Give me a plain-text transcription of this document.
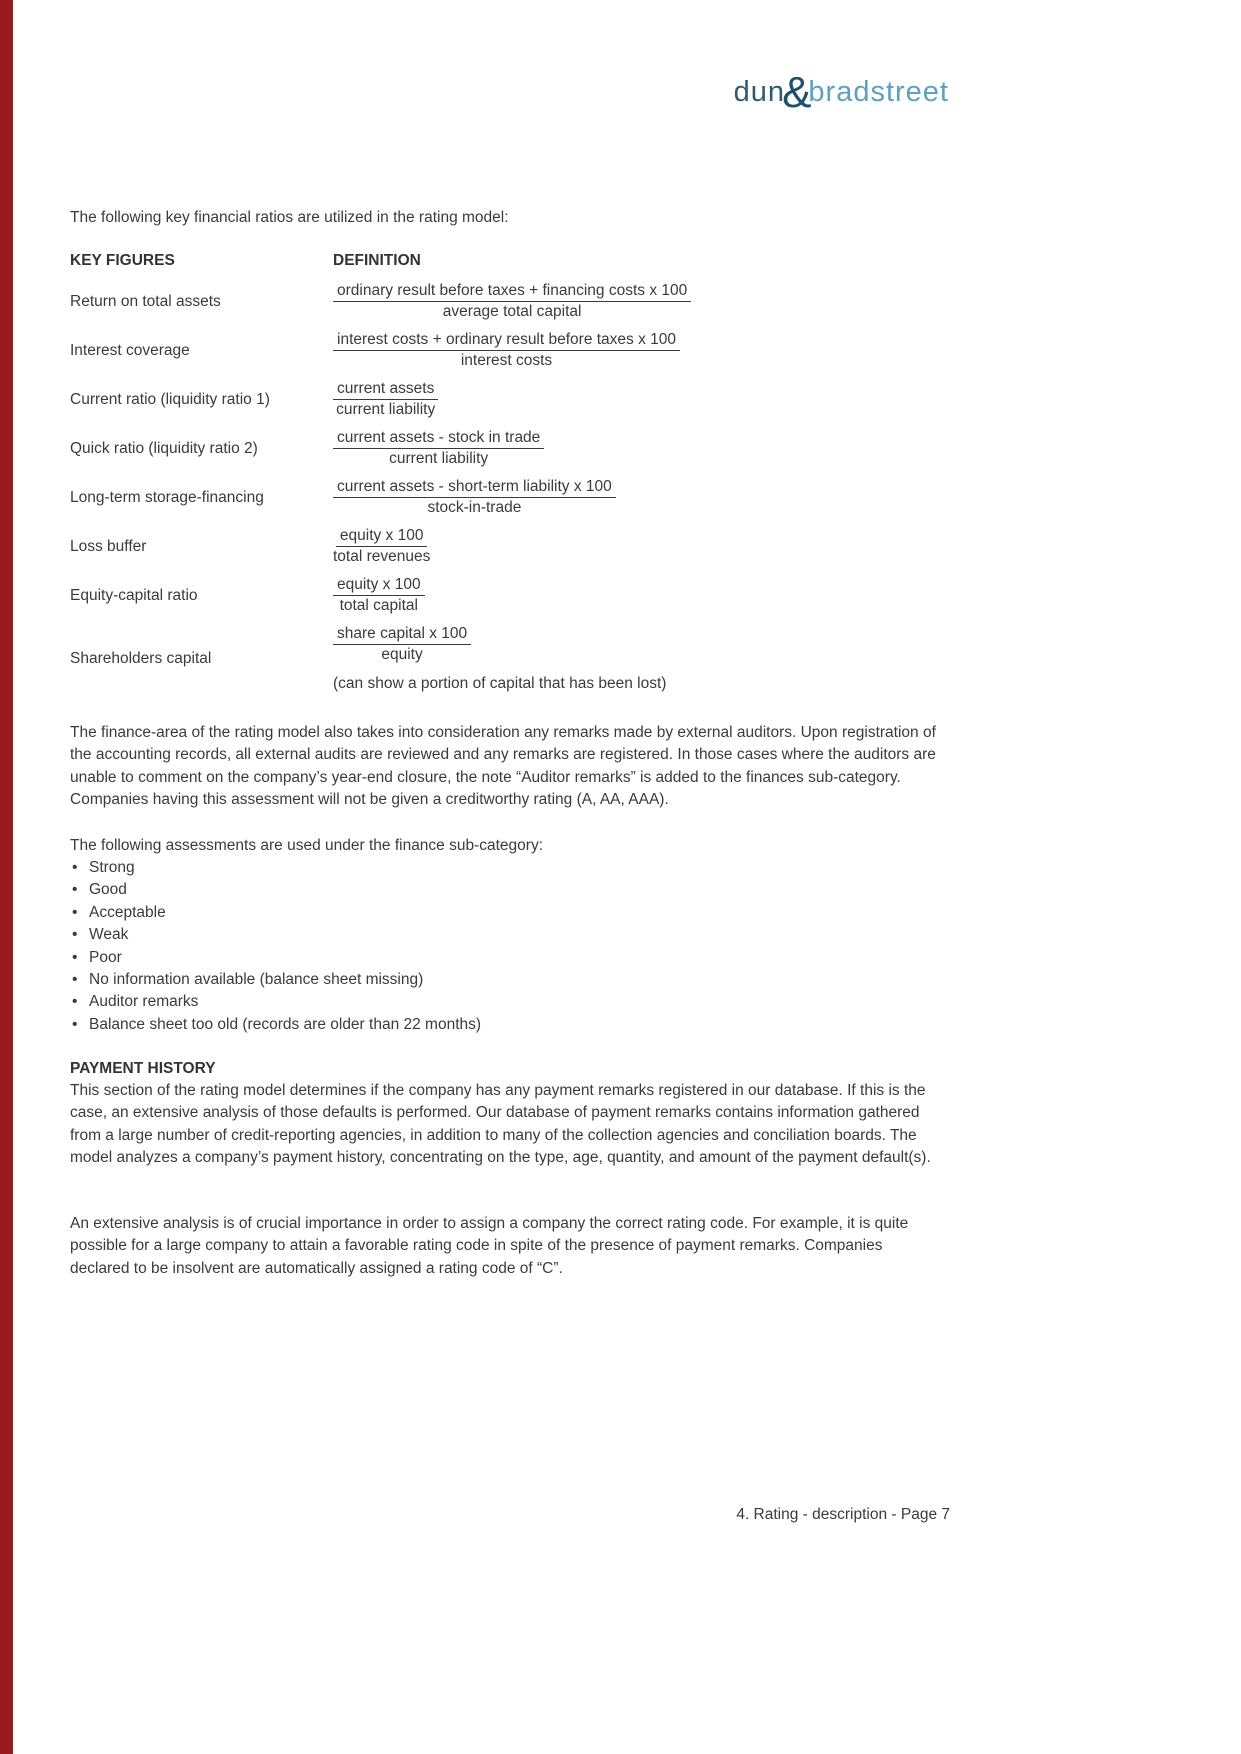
dun
&
bradstreet
The following key financial ratios are utilized in the rating model:
KEY FIGURES	DEFINITION
Return on total assets	$\frac{\text{ordinary result before taxes + financing costs x 100}}{\text{average total capital}}$
Interest coverage	$\frac{\text{interest costs + ordinary result before taxes x 100}}{\text{interest costs}}$
Current ratio (liquidity ratio 1)	$\frac{\text{current assets}}{\text{current liability}}$
Quick ratio (liquidity ratio 2)	$\frac{\text{current assets - stock in trade}}{\text{current liability}}$
Long-term storage-financing	$\frac{\text{current assets - short-term liability x 100}}{\text{stock-in-trade}}$
Loss buffer	$\frac{\text{equity x 100}}{\text{total revenues}}$
Equity-capital ratio	$\frac{\text{equity x 100}}{\text{total capital}}$
Shareholders capital	$\frac{\text{share capital x 100}}{\text{equity}}$
(can show a portion of capital that has been lost)
The finance-area of the rating model also takes into consideration any remarks made by external auditors. Upon registration of the accounting records, all external audits are reviewed and any remarks are registered. In those cases where the auditors are unable to comment on the company’s year-end closure, the note “Auditor remarks” is added to the finances sub-category. Companies having this assessment will not be given a creditworthy rating (A, AA, AAA).
The following assessments are used under the finance sub-category:
• Strong
• Good
• Acceptable
• Weak
• Poor
• No information available (balance sheet missing)
• Auditor remarks
• Balance sheet too old (records are older than 22 months)
PAYMENT HISTORY
This section of the rating model determines if the company has any payment remarks registered in our database. If this is the case, an extensive analysis of those defaults is performed. Our database of payment remarks contains information gathered from a large number of credit-reporting agencies, in addition to many of the collection agencies and conciliation boards. The model analyzes a company’s payment history, concentrating on the type, age, quantity, and amount of the payment default(s).
An extensive analysis is of crucial importance in order to assign a company the correct rating code. For example, it is quite possible for a large company to attain a favorable rating code in spite of the presence of payment remarks. Companies declared to be insolvent are automatically assigned a rating code of “C”.
4. Rating - description - Page 7
